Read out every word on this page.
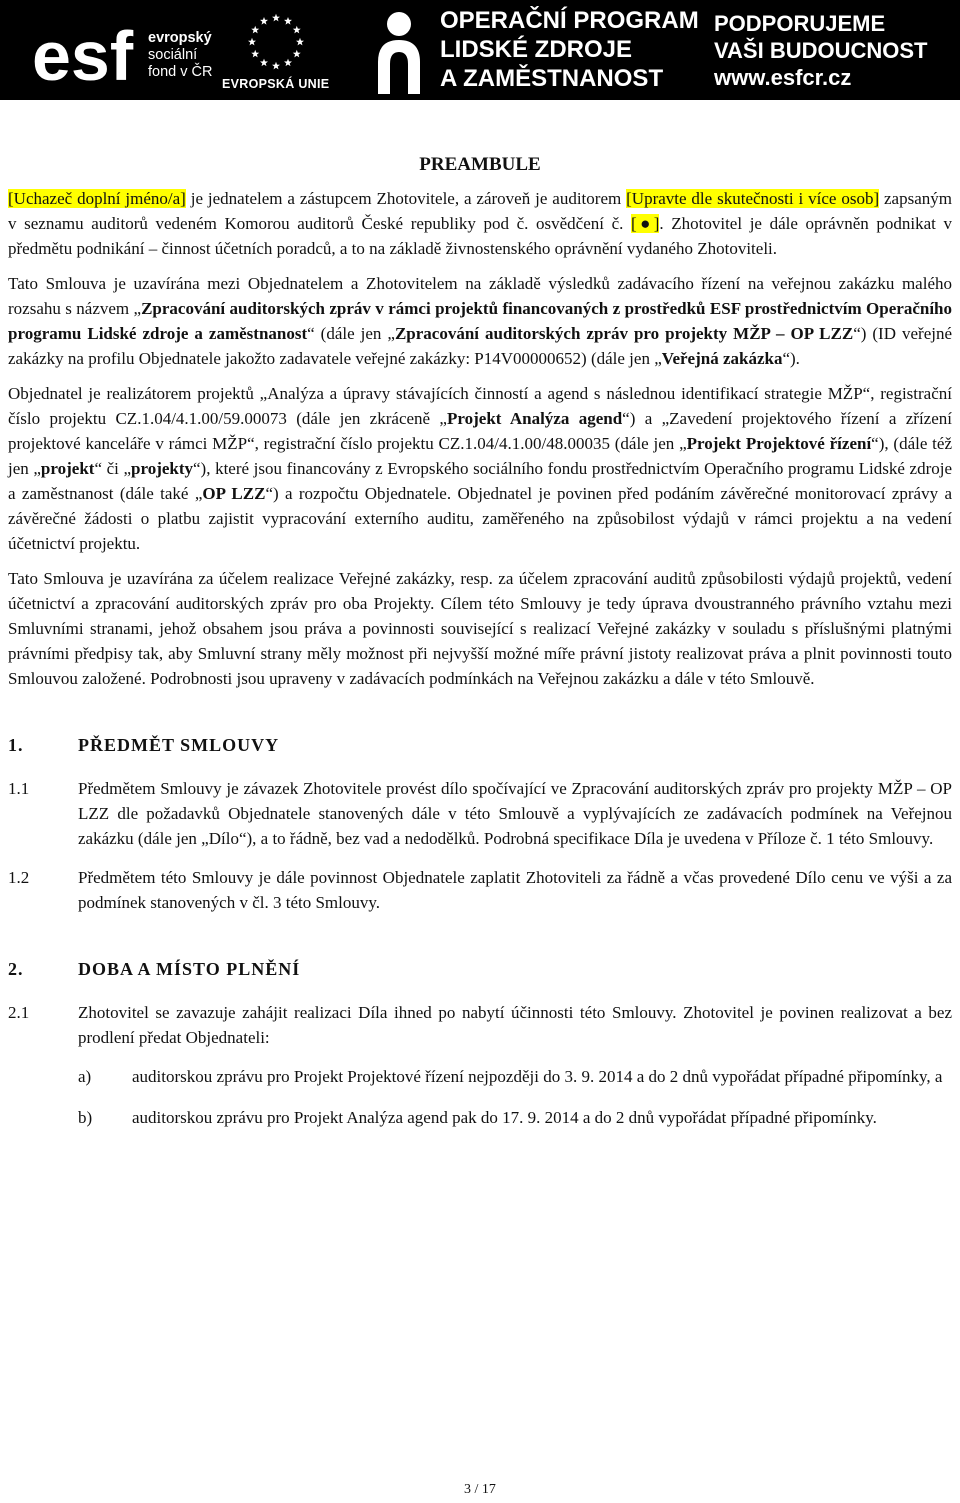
esf evropský
sociální
fond v ČR
EVROPSKÁ UNIE
OPERAČNÍ PROGRAM
LIDSKÉ ZDROJE
A ZAMĚSTNANOST
PODPORUJEME
VAŠI BUDOUCNOST
www.esfcr.cz
PREAMBULE

[Uchazeč doplní jméno/a] je jednatelem a zástupcem Zhotovitele, a zároveň je auditorem [Upravte dle skutečnosti i více osob] zapsaným v seznamu auditorů vedeném Komorou auditorů České republiky pod č. osvědčení č. [●]. Zhotovitel je dále oprávněn podnikat v předmětu podnikání – činnost účetních poradců, a to na základě živnostenského oprávnění vydaného Zhotoviteli.

Tato Smlouva je uzavírána mezi Objednatelem a Zhotovitelem na základě výsledků zadávacího řízení na veřejnou zakázku malého rozsahu s názvem „Zpracování auditorských zpráv v rámci projektů financovaných z prostředků ESF prostřednictvím Operačního programu Lidské zdroje a zaměstnanost“ (dále jen „Zpracování auditorských zpráv pro projekty MŽP – OP LZZ“) (ID veřejné zakázky na profilu Objednatele jakožto zadavatele veřejné zakázky: P14V00000652) (dále jen „Veřejná zakázka“).

Objednatel je realizátorem projektů „Analýza a úpravy stávajících činností a agend s následnou identifikací strategie MŽP“, registrační číslo projektu CZ.1.04/4.1.00/59.00073 (dále jen zkráceně „Projekt Analýza agend“) a „Zavedení projektového řízení a zřízení projektové kanceláře v rámci MŽP“, registrační číslo projektu CZ.1.04/4.1.00/48.00035 (dále jen „Projekt Projektové řízení“), (dále též jen „projekt“ či „projekty“), které jsou financovány z Evropského sociálního fondu prostřednictvím Operačního programu Lidské zdroje a zaměstnanost (dále také „OP LZZ“) a rozpočtu Objednatele. Objednatel je povinen před podáním závěrečné monitorovací zprávy a závěrečné žádosti o platbu zajistit vypracování externího auditu, zaměřeného na způsobilost výdajů v rámci projektu a na vedení účetnictví projektu.

Tato Smlouva je uzavírána za účelem realizace Veřejné zakázky, resp. za účelem zpracování auditů způsobilosti výdajů projektů, vedení účetnictví a zpracování auditorských zpráv pro oba Projekty. Cílem této Smlouvy je tedy úprava dvoustranného právního vztahu mezi Smluvními stranami, jehož obsahem jsou práva a povinnosti související s realizací Veřejné zakázky v souladu s příslušnými platnými právními předpisy tak, aby Smluvní strany měly možnost při nejvyšší možné míře právní jistoty realizovat práva a plnit povinnosti touto Smlouvou založené. Podrobnosti jsou upraveny v zadávacích podmínkách na Veřejnou zakázku a dále v této Smlouvě.

1.	PŘEDMĚT SMLOUVY
1.1	Předmětem Smlouvy je závazek Zhotovitele provést dílo spočívající ve Zpracování auditorských zpráv pro projekty MŽP – OP LZZ dle požadavků Objednatele stanovených dále v této Smlouvě a vyplývajících ze zadávacích podmínek na Veřejnou zakázku (dále jen „Dílo“), a to řádně, bez vad a nedodělků. Podrobná specifikace Díla je uvedena v Příloze č. 1 této Smlouvy.
1.2	Předmětem této Smlouvy je dále povinnost Objednatele zaplatit Zhotoviteli za řádně a včas provedené Dílo cenu ve výši a za podmínek stanovených v čl. 3 této Smlouvy.
2.	DOBA A MÍSTO PLNĚNÍ
2.1	Zhotovitel se zavazuje zahájit realizaci Díla ihned po nabytí účinnosti této Smlouvy. Zhotovitel je povinen realizovat a bez prodlení předat Objednateli:
a)	auditorskou zprávu pro Projekt Projektové řízení nejpozději do 3. 9. 2014 a do 2 dnů vypořádat případné připomínky, a
b)	auditorskou zprávu pro Projekt Analýza agend pak do 17. 9. 2014 a do 2 dnů vypořádat případné připomínky.
3 / 17
